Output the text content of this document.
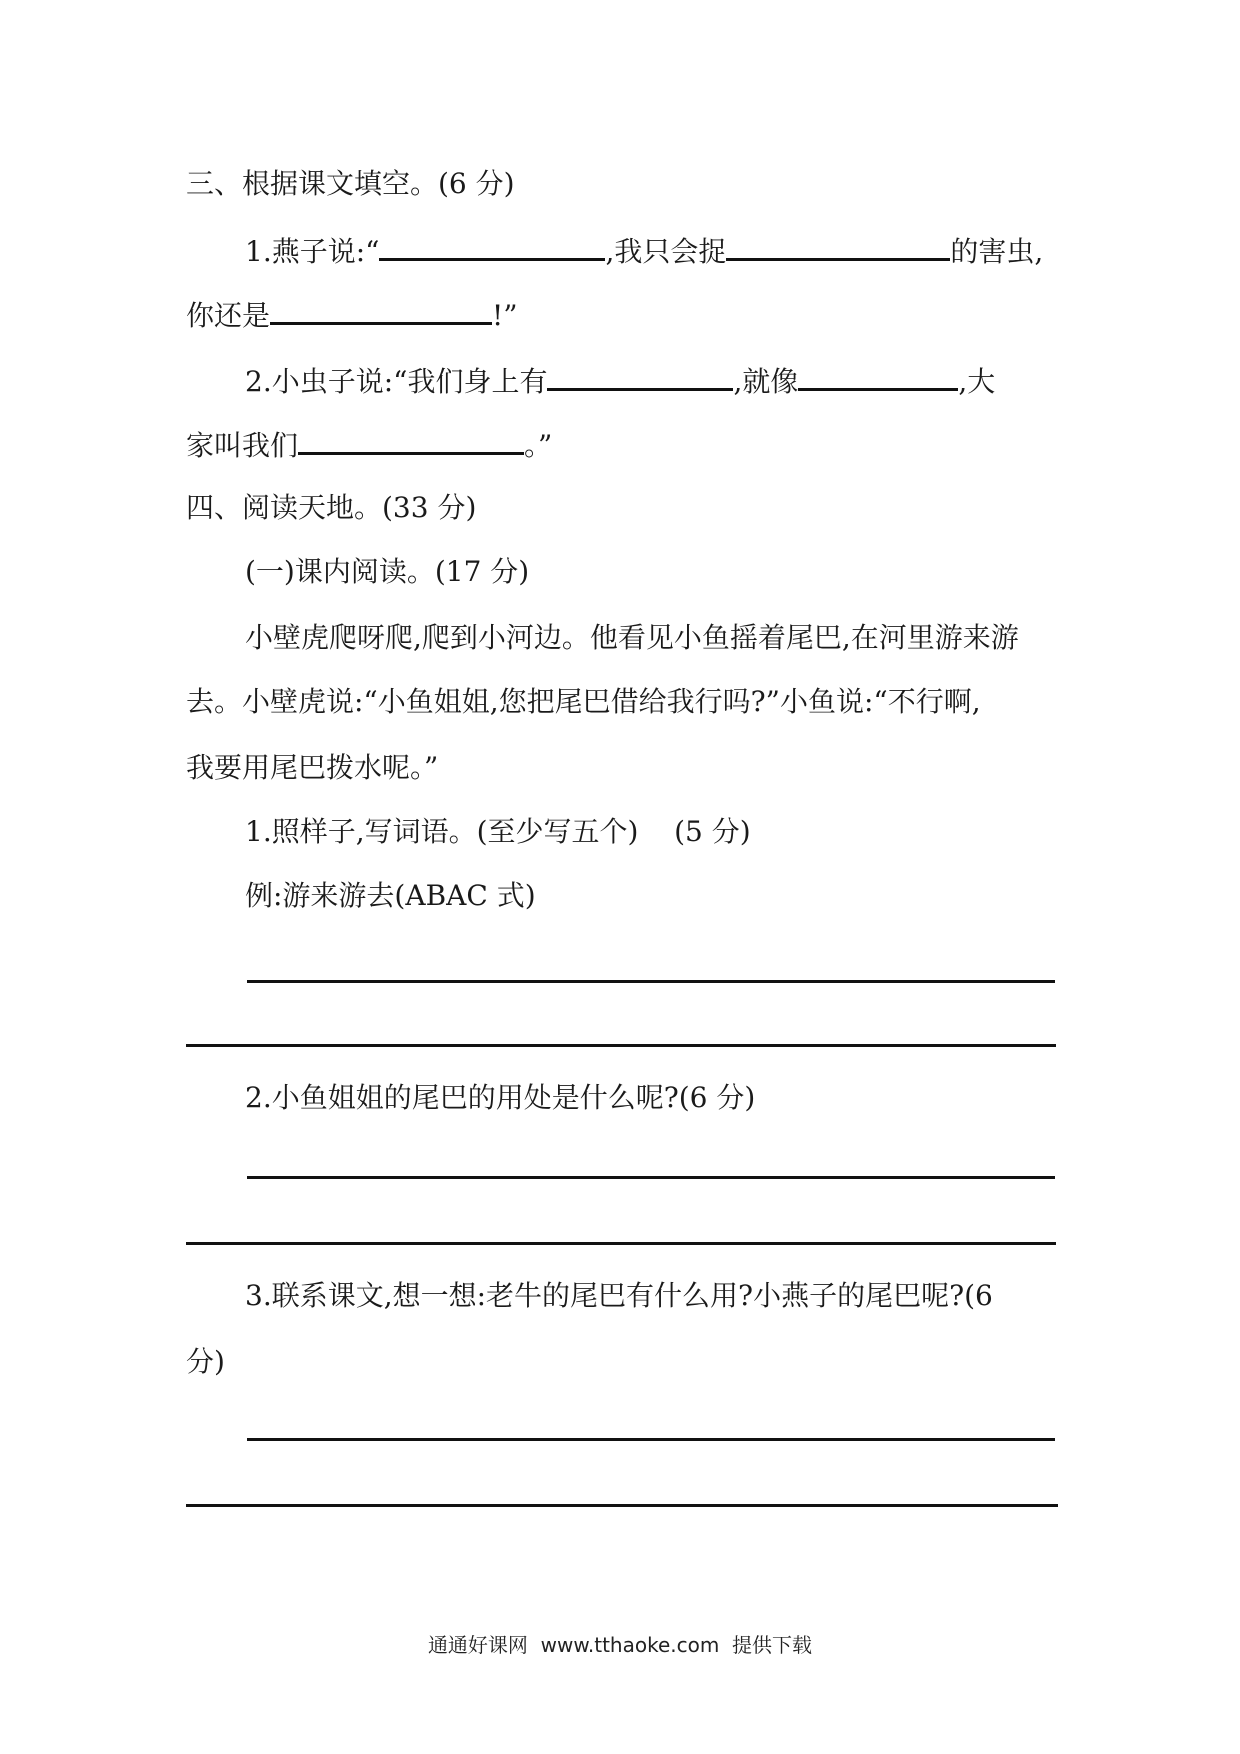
三、根据课文填空。(6 分)
1.燕子说:“	,我只会捉	的害虫,
你还是	!”
2.小虫子说:“我们身上有	,就像	,大
家叫我们	。”
四、阅读天地。(33 分)
(一)课内阅读。(17 分)
小壁虎爬呀爬,爬到小河边。他看见小鱼摇着尾巴,在河里游来游
去。小壁虎说:“小鱼姐姐,您把尾巴借给我行吗?”小鱼说:“不行啊,
我要用尾巴拨水呢。”
1.照样子,写词语。(至少写五个)    (5 分)
例:游来游去(ABAC 式)
2.小鱼姐姐的尾巴的用处是什么呢?(6 分)
3.联系课文,想一想:老牛的尾巴有什么用?小燕子的尾巴呢?(6
分)
通通好课网  www.tthaoke.com  提供下载
